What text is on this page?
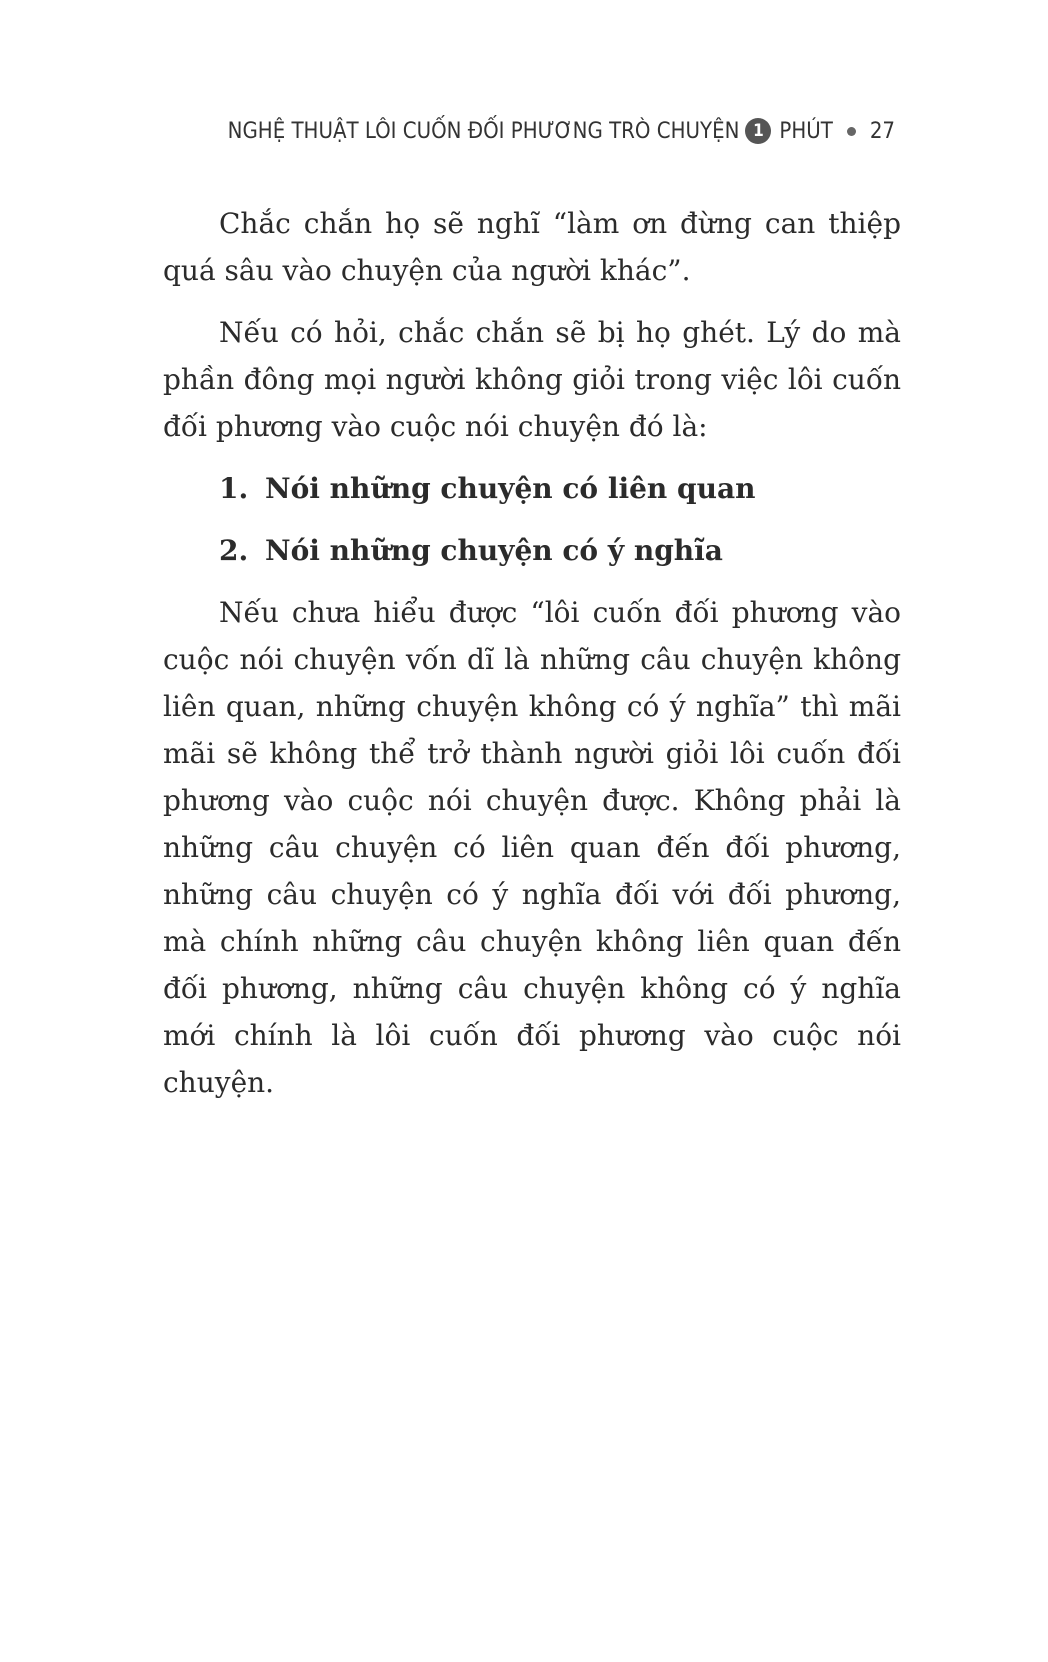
NGHỆ THUẬT LÔI CUỐN ĐỐI PHƯƠNG TRÒ CHUYỆN 1 PHÚT 27

Chắc chắn họ sẽ nghĩ “làm ơn đừng can thiệp quá sâu vào chuyện của người khác”.

Nếu có hỏi, chắc chắn sẽ bị họ ghét. Lý do mà phần đông mọi người không giỏi trong việc lôi cuốn đối phương vào cuộc nói chuyện đó là:

1. Nói những chuyện có liên quan
2. Nói những chuyện có ý nghĩa

Nếu chưa hiểu được “lôi cuốn đối phương vào cuộc nói chuyện vốn dĩ là những câu chuyện không liên quan, những chuyện không có ý nghĩa” thì mãi mãi sẽ không thể trở thành người giỏi lôi cuốn đối phương vào cuộc nói chuyện được. Không phải là những câu chuyện có liên quan đến đối phương, những câu chuyện có ý nghĩa đối với đối phương, mà chính những câu chuyện không liên quan đến đối phương, những câu chuyện không có ý nghĩa mới chính là lôi cuốn đối phương vào cuộc nói chuyện.
